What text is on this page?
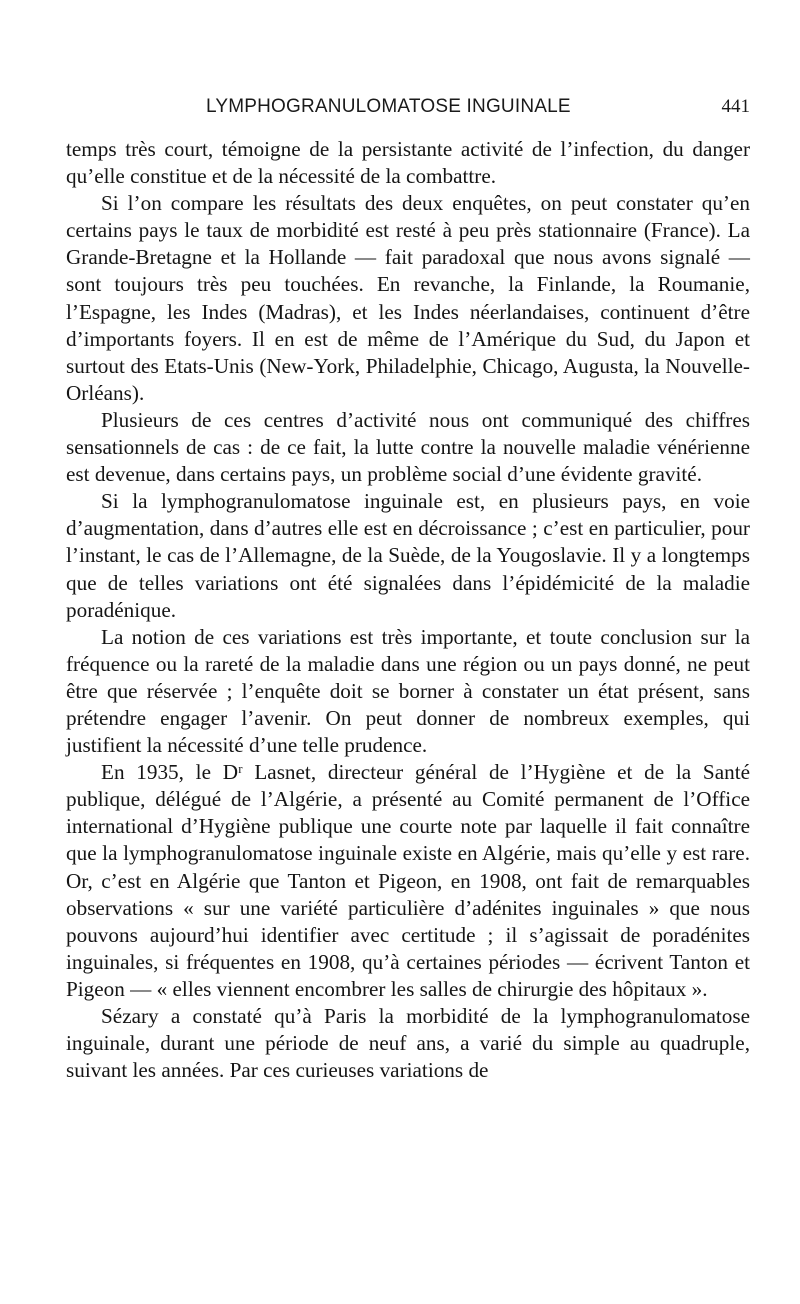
LYMPHOGRANULOMATOSE INGUINALE	441

temps très court, témoigne de la persistante activité de l’infection, du danger qu’elle constitue et de la nécessité de la combattre.

Si l’on compare les résultats des deux enquêtes, on peut constater qu’en certains pays le taux de morbidité est resté à peu près stationnaire (France). La Grande-Bretagne et la Hollande — fait paradoxal que nous avons signalé — sont toujours très peu touchées. En revanche, la Finlande, la Roumanie, l’Espagne, les Indes (Madras), et les Indes néerlandaises, continuent d’être d’importants foyers. Il en est de même de l’Amérique du Sud, du Japon et surtout des Etats-Unis (New-York, Philadelphie, Chicago, Augusta, la Nouvelle-Orléans).

Plusieurs de ces centres d’activité nous ont communiqué des chiffres sensationnels de cas : de ce fait, la lutte contre la nouvelle maladie vénérienne est devenue, dans certains pays, un problème social d’une évidente gravité.

Si la lymphogranulomatose inguinale est, en plusieurs pays, en voie d’augmentation, dans d’autres elle est en décroissance ; c’est en particulier, pour l’instant, le cas de l’Allemagne, de la Suède, de la Yougoslavie. Il y a longtemps que de telles variations ont été signalées dans l’épidémicité de la maladie poradénique.

La notion de ces variations est très importante, et toute conclusion sur la fréquence ou la rareté de la maladie dans une région ou un pays donné, ne peut être que réservée ; l’enquête doit se borner à constater un état présent, sans prétendre engager l’avenir. On peut donner de nombreux exemples, qui justifient la nécessité d’une telle prudence.

En 1935, le Dʳ Lasnet, directeur général de l’Hygiène et de la Santé publique, délégué de l’Algérie, a présenté au Comité permanent de l’Office international d’Hygiène publique une courte note par laquelle il fait connaître que la lymphogranulomatose inguinale existe en Algérie, mais qu’elle y est rare. Or, c’est en Algérie que Tanton et Pigeon, en 1908, ont fait de remarquables observations « sur une variété particulière d’adénites inguinales » que nous pouvons aujourd’hui identifier avec certitude ; il s’agissait de poradénites inguinales, si fréquentes en 1908, qu’à certaines périodes — écrivent Tanton et Pigeon — « elles viennent encombrer les salles de chirurgie des hôpitaux ».

Sézary a constaté qu’à Paris la morbidité de la lymphogranulomatose inguinale, durant une période de neuf ans, a varié du simple au quadruple, suivant les années. Par ces curieuses variations de
